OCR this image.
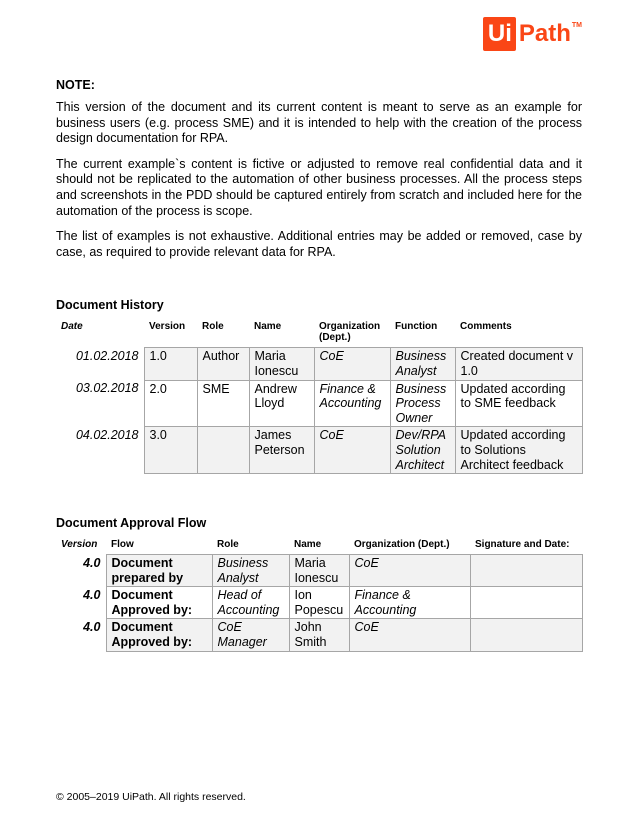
Ui Path TM

NOTE:

This version of the document and its current content is meant to serve as an example for business users (e.g. process SME) and it is intended to help with the creation of the process design documentation for RPA.

The current example`s content is fictive or adjusted to remove real confidential data and it should not be replicated to the automation of other business processes. All the process steps and screenshots in the PDD should be captured entirely from scratch and included here for the automation of the process is scope.

The list of examples is not exhaustive. Additional entries may be added or removed, case by case, as required to provide relevant data for RPA.

Document History

Date	Version	Role	Name	Organization (Dept.)	Function	Comments
01.02.2018	1.0	Author	Maria Ionescu	CoE	Business Analyst	Created document v 1.0
03.02.2018	2.0	SME	Andrew Lloyd	Finance & Accounting	Business Process Owner	Updated according to SME feedback
04.02.2018	3.0		James Peterson	CoE	Dev/RPA Solution Architect	Updated according to Solutions Architect feedback

Document Approval Flow

Version	Flow	Role	Name	Organization (Dept.)	Signature and Date:
4.0	Document prepared by	Business Analyst	Maria Ionescu	CoE	
4.0	Document Approved by:	Head of Accounting	Ion Popescu	Finance & Accounting	
4.0	Document Approved by:	CoE Manager	John Smith	CoE	
© 2005–2019 UiPath. All rights reserved.
